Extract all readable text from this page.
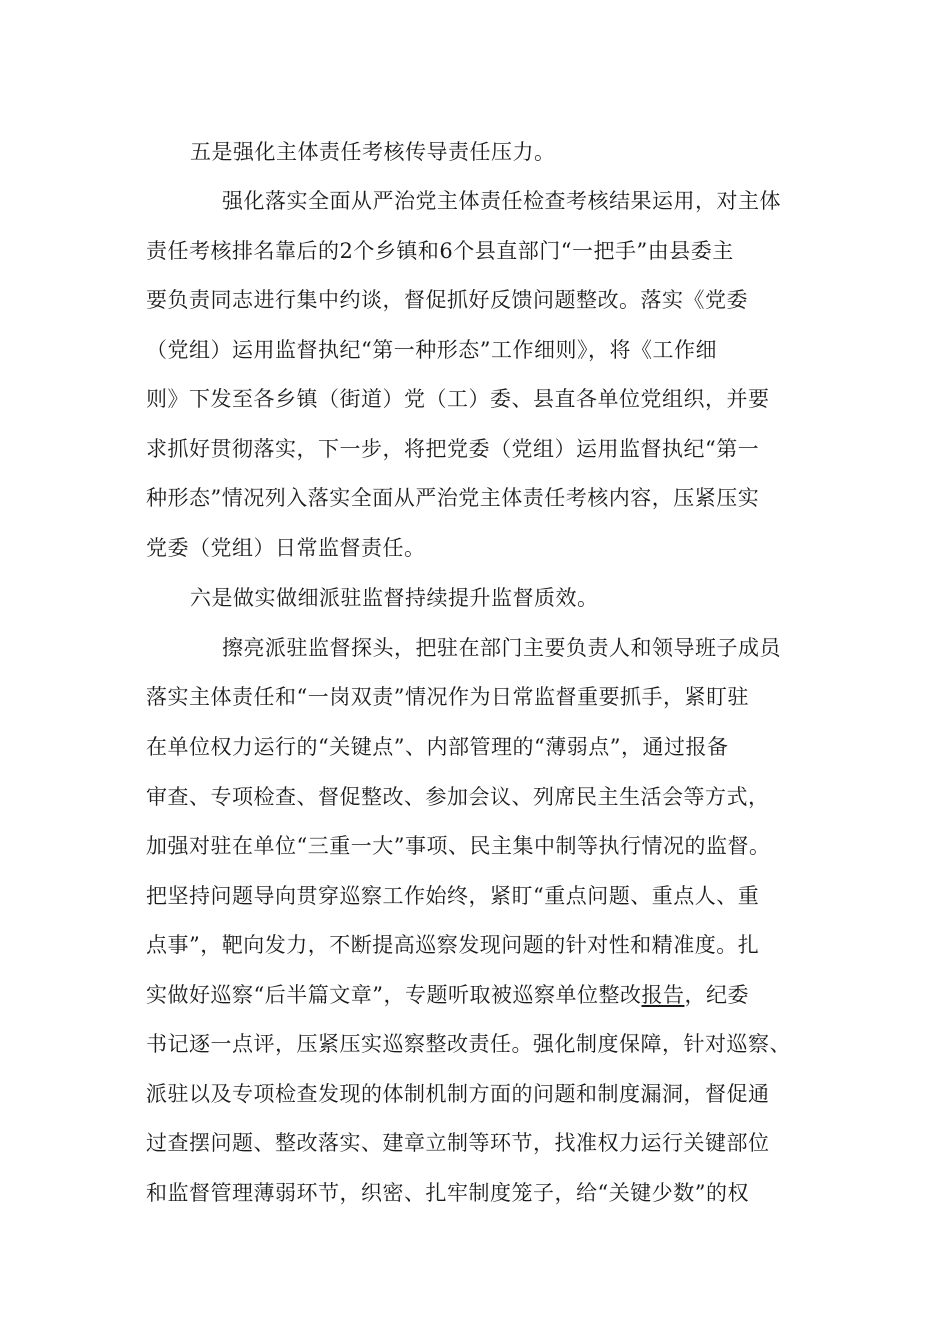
五是强化主体责任考核传导责任压力。
强化落实全面从严治党主体责任检查考核结果运用，对主体
责任考核排名靠后的2个乡镇和6个县直部门“一把手”由县委主
要负责同志进行集中约谈，督促抓好反馈问题整改。落实《党委
（党组）运用监督执纪“第一种形态”工作细则》，将《工作细
则》下发至各乡镇（街道）党（工）委、县直各单位党组织，并要
求抓好贯彻落实，下一步，将把党委（党组）运用监督执纪“第一
种形态”情况列入落实全面从严治党主体责任考核内容，压紧压实
党委（党组）日常监督责任。
六是做实做细派驻监督持续提升监督质效。
擦亮派驻监督探头，把驻在部门主要负责人和领导班子成员
落实主体责任和“一岗双责”情况作为日常监督重要抓手，紧盯驻
在单位权力运行的“关键点”、内部管理的“薄弱点”，通过报备
审查、专项检查、督促整改、参加会议、列席民主生活会等方式，
加强对驻在单位“三重一大”事项、民主集中制等执行情况的监督。
把坚持问题导向贯穿巡察工作始终，紧盯“重点问题、重点人、重
点事”，靶向发力，不断提高巡察发现问题的针对性和精准度。扎
实做好巡察“后半篇文章”，专题听取被巡察单位整改报告，纪委
书记逐一点评，压紧压实巡察整改责任。强化制度保障，针对巡察、
派驻以及专项检查发现的体制机制方面的问题和制度漏洞，督促通
过查摆问题、整改落实、建章立制等环节，找准权力运行关键部位
和监督管理薄弱环节，织密、扎牢制度笼子，给“关键少数”的权
